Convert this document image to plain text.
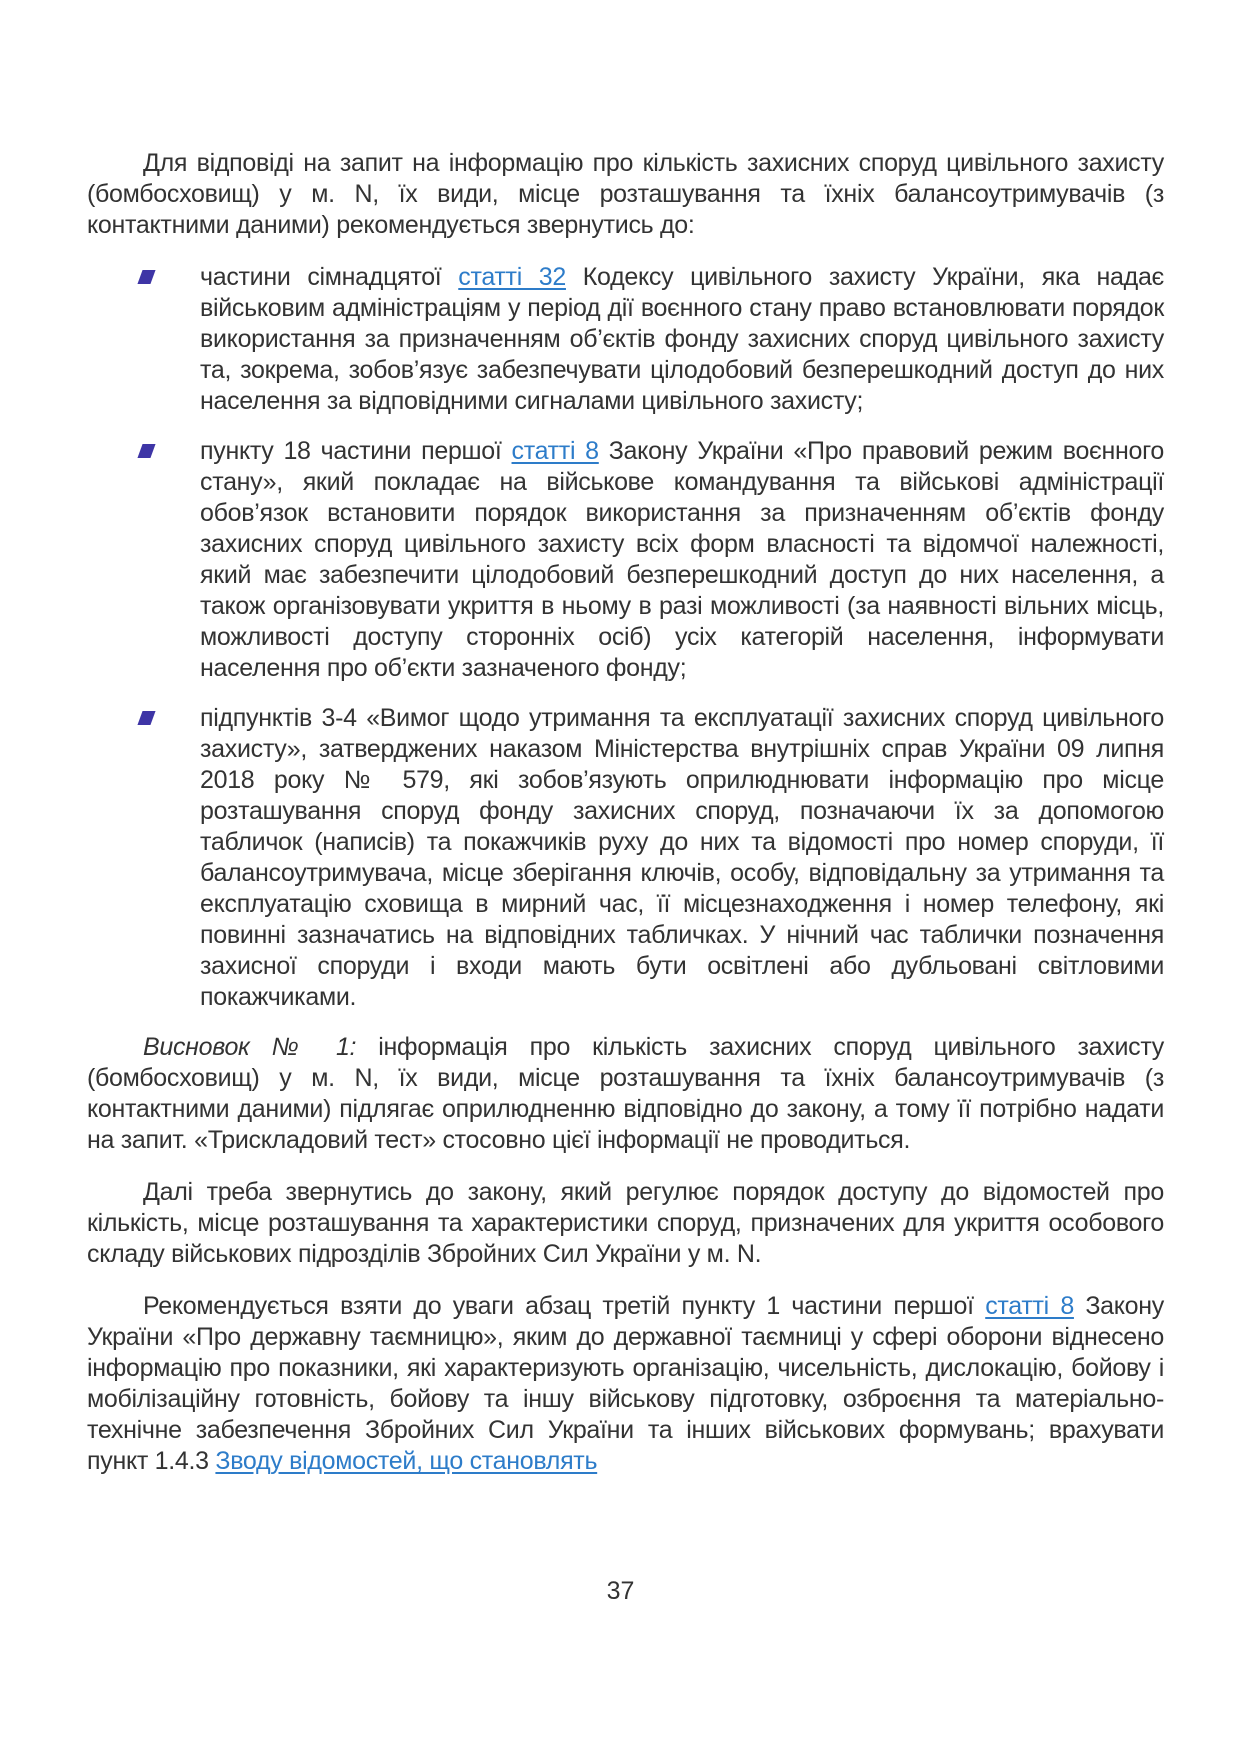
Для відповіді на запит на інформацію про кількість захисних споруд цивільного захисту (бомбосховищ) у м. N, їх види, місце розташування та їхніх балансоутримувачів (з контактними даними) рекомендується звернутись до:

частини сімнадцятої статті 32 Кодексу цивільного захисту України, яка надає військовим адміністраціям у період дії воєнного стану право встановлювати порядок використання за призначенням об’єктів фонду захисних споруд цивільного захисту та, зокрема, зобов’язує забезпечувати цілодобовий безперешкодний доступ до них населення за відповідними сигналами цивільного захисту;
пункту 18 частини першої статті 8 Закону України «Про правовий режим воєнного стану», який покладає на військове командування та військові адміністрації обов’язок встановити порядок використання за призначенням об’єктів фонду захисних споруд цивільного захисту всіх форм власності та відомчої належності, який має забезпечити цілодобовий безперешкодний доступ до них населення, а також організовувати укриття в ньому в разі можливості (за наявності вільних місць, можливості доступу сторонніх осіб) усіх категорій населення, інформувати населення про об’єкти зазначеного фонду;
підпунктів 3-4 «Вимог щодо утримання та експлуатації захисних споруд цивільного захисту», затверджених наказом Міністерства внутрішніх справ України 09 липня 2018 року № 579, які зобов’язують оприлюднювати інформацію про місце розташування споруд фонду захисних споруд, позначаючи їх за допомогою табличок (написів) та покажчиків руху до них та відомості про номер споруди, її балансоутримувача, місце зберігання ключів, особу, відповідальну за утримання та експлуатацію сховища в мирний час, її місцезнаходження і номер телефону, які повинні зазначатись на відповідних табличках. У нічний час таблички позначення захисної споруди і входи мають бути освітлені або дубльовані світловими покажчиками.

Висновок № 1: інформація про кількість захисних споруд цивільного захисту (бомбосховищ) у м. N, їх види, місце розташування та їхніх балансоутримувачів (з контактними даними) підлягає оприлюдненню відповідно до закону, а тому її потрібно надати на запит. «Трискладовий тест» стосовно цієї інформації не проводиться.

Далі треба звернутись до закону, який регулює порядок доступу до відомостей про кількість, місце розташування та характеристики споруд, призначених для укриття особового складу військових підрозділів Збройних Сил України у м. N.

Рекомендується взяти до уваги абзац третій пункту 1 частини першої статті 8 Закону України «Про державну таємницю», яким до державної таємниці у сфері оборони віднесено інформацію про показники, які характеризують організацію, чисельність, дислокацію, бойову і мобілізаційну готовність, бойову та іншу військову підготовку, озброєння та матеріально-технічне забезпечення Збройних Сил України та інших військових формувань; врахувати пункт 1.4.3 Зводу відомостей, що становлять

37
